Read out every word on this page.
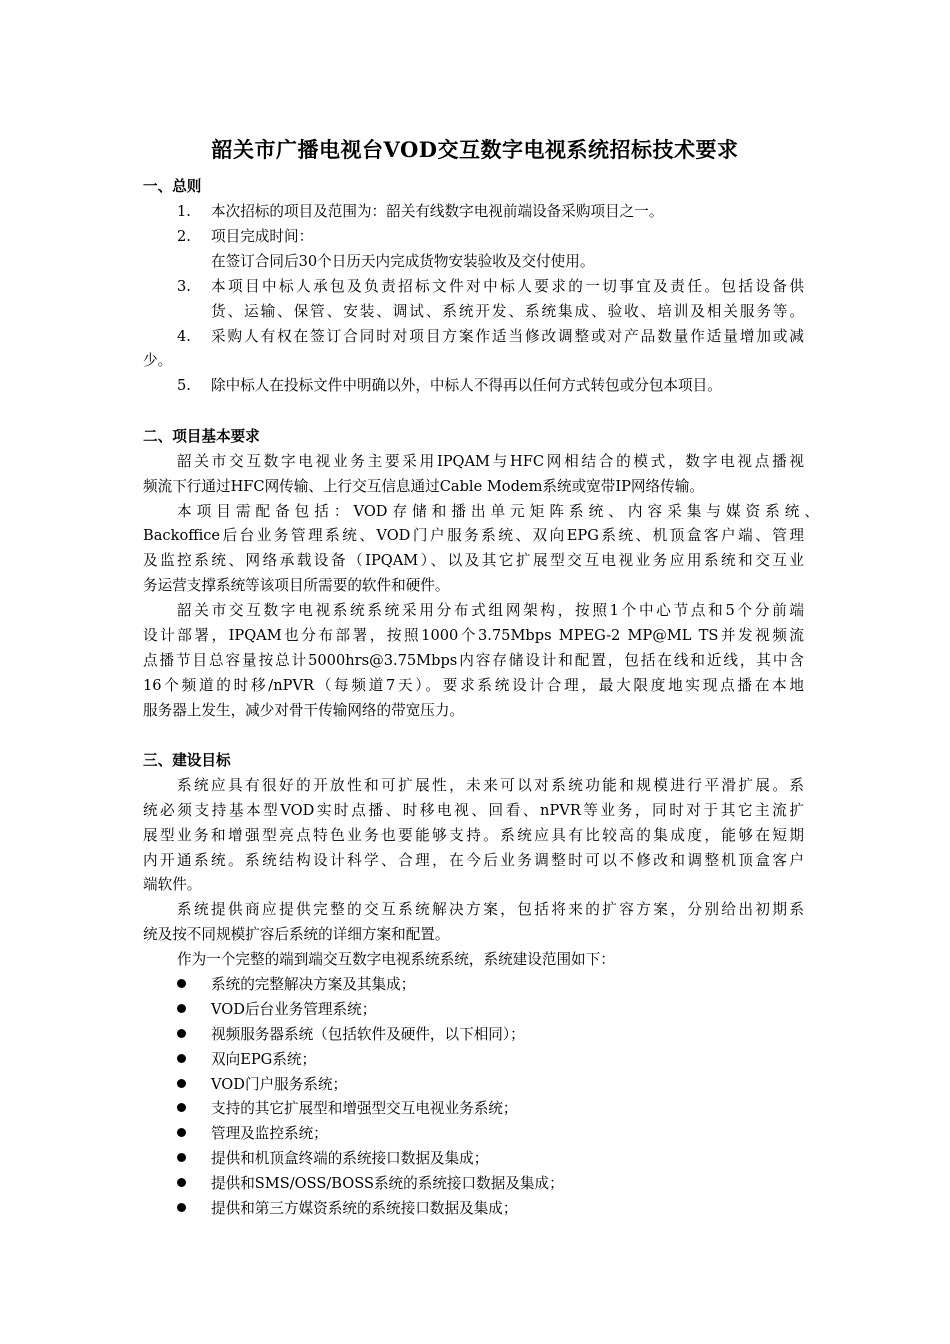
韶关市广播电视台VOD交互数字电视系统招标技术要求
一、总则
1. 本次招标的项目及范围为：韶关有线数字电视前端设备采购项目之一。
2. 项目完成时间：
在签订合同后30个日历天内完成货物安装验收及交付使用。
3. 本项目中标人承包及负责招标文件对中标人要求的一切事宜及责任。包括设备供
货、运输、保管、安装、调试、系统开发、系统集成、验收、培训及相关服务等。
4. 采购人有权在签订合同时对项目方案作适当修改调整或对产品数量作适量增加或减
少。
5. 除中标人在投标文件中明确以外，中标人不得再以任何方式转包或分包本项目。
二、项目基本要求
韶关市交互数字电视业务主要采用IPQAM与HFC网相结合的模式，数字电视点播视
频流下行通过HFC网传输、上行交互信息通过Cable Modem系统或宽带IP网络传输。
本项目需配备包括：VOD存储和播出单元矩阵系统、内容采集与媒资系统、
Backoffice后台业务管理系统、VOD门户服务系统、双向EPG系统、机顶盒客户端、管理
及监控系统、网络承载设备（IPQAM）、以及其它扩展型交互电视业务应用系统和交互业
务运营支撑系统等该项目所需要的软件和硬件。
韶关市交互数字电视系统系统采用分布式组网架构，按照1个中心节点和5个分前端
设计部署，IPQAM也分布部署，按照1000个3.75Mbps MPEG-2 MP@ML TS并发视频流
点播节目总容量按总计5000hrs@3.75Mbps内容存储设计和配置，包括在线和近线，其中含
16个频道的时移/nPVR（每频道7天）。要求系统设计合理，最大限度地实现点播在本地
服务器上发生，减少对骨干传输网络的带宽压力。
三、建设目标
系统应具有很好的开放性和可扩展性，未来可以对系统功能和规模进行平滑扩展。系
统必须支持基本型VOD实时点播、时移电视、回看、nPVR等业务，同时对于其它主流扩
展型业务和增强型亮点特色业务也要能够支持。系统应具有比较高的集成度，能够在短期
内开通系统。系统结构设计科学、合理，在今后业务调整时可以不修改和调整机顶盒客户
端软件。
系统提供商应提供完整的交互系统解决方案，包括将来的扩容方案，分别给出初期系
统及按不同规模扩容后系统的详细方案和配置。
作为一个完整的端到端交互数字电视系统系统，系统建设范围如下：
系统的完整解决方案及其集成；
VOD后台业务管理系统；
视频服务器系统（包括软件及硬件，以下相同）；
双向EPG系统；
VOD门户服务系统；
支持的其它扩展型和增强型交互电视业务系统；
管理及监控系统；
提供和机顶盒终端的系统接口数据及集成；
提供和SMS/OSS/BOSS系统的系统接口数据及集成；
提供和第三方媒资系统的系统接口数据及集成；
